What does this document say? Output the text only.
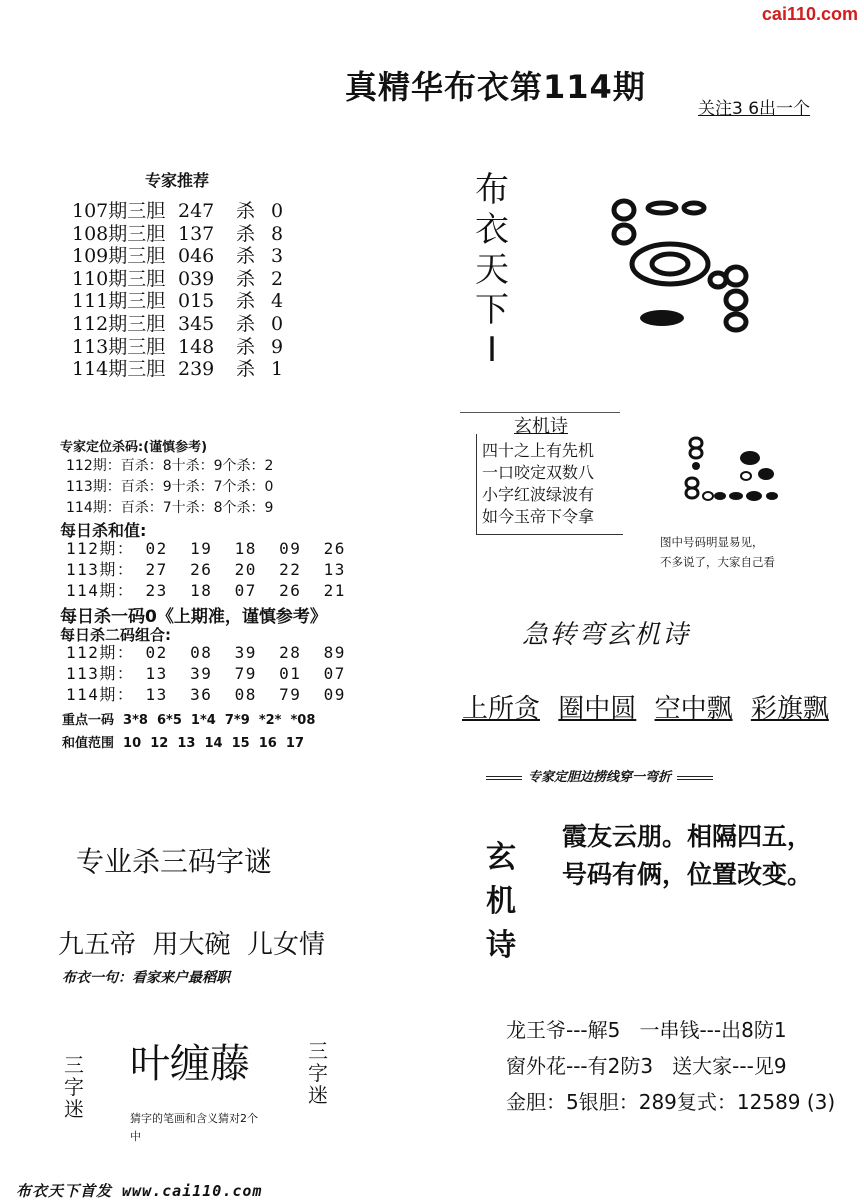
cai110.com
真精华布衣第114期
关注3 6出一个
专家推荐
107期三胆 247 杀 0
108期三胆 137 杀 8
109期三胆 046 杀 3
110期三胆 039 杀 2
111期三胆 015 杀 4
112期三胆 345 杀 0
113期三胆 148 杀 9
114期三胆 239 杀 1
专家定位杀码:(谨慎参考)
112期：百杀：8十杀：9个杀：2
113期：百杀：9十杀：7个杀：0
114期：百杀：7十杀：8个杀：9
每日杀和值:
112期： 02  19  18  09  26
113期： 27  26  20  22  13
114期： 23  18  07  26  21
每日杀一码0《上期准，谨慎参考》
每日杀二码组合:
112期： 02  08  39  28  89
113期： 13  39  79  01  07
114期： 13  36  08  79  09
重点一码  3*8  6*5  1*4  7*9  *2*  *08
和值范围  10  12  13  14  15  16  17
专业杀三码字谜
九五帝  用大碗  儿女情
布衣一句：看家来户最稻职
三字迷
叶缠藤
猜字的笔画和含义猜对2个中
三字迷
布衣天下首发 www.cai110.com
布衣天下I
玄机诗
四十之上有先机
一口咬定双数八
小字红波绿波有
如今玉帝下令拿
图中号码明显易见，
不多说了，大家自己看
急转弯玄机诗
上所贪 圈中圆 空中飘 彩旗飘
专家定胆边捞线穿一弯折
玄机诗
霞友云朋。相隔四五，
号码有俩，位置改变。
龙王爷---解5   一串钱---出8防1
窗外花---有2防3   送大家---见9
金胆：5银胆：289复式：12589 (3)
